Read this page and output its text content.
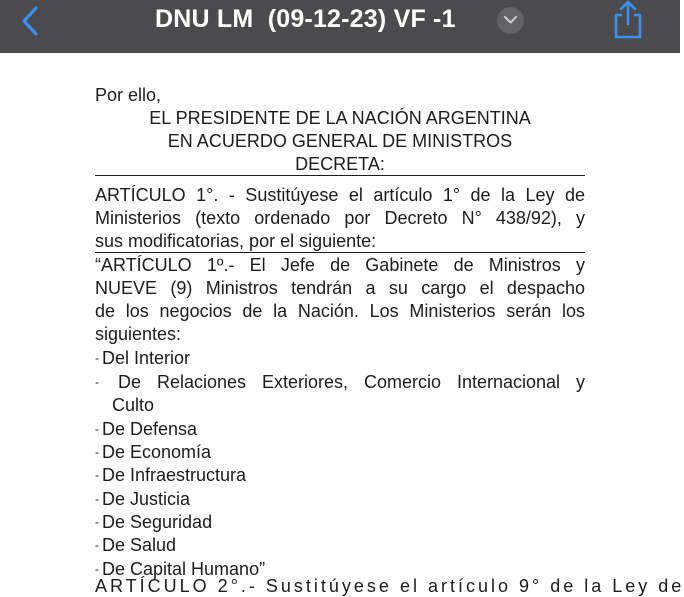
DNU LM  (09-12-23) VF -1
Por ello,
EL PRESIDENTE DE LA NACIÓN ARGENTINA
EN ACUERDO GENERAL DE MINISTROS
DECRETA:
ARTÍCULO 1°. - Sustitúyese el artículo 1° de la Ley de
Ministerios (texto ordenado por Decreto N° 438/92), y
sus modificatorias, por el siguiente:
“ARTÍCULO 1º.- El Jefe de Gabinete de Ministros y
NUEVE (9) Ministros tendrán a su cargo el despacho
de los negocios de la Nación. Los Ministerios serán los
siguientes:
- Del Interior
- De Relaciones Exteriores, Comercio Internacional y
Culto
- De Defensa
- De Economía
- De Infraestructura
- De Justicia
- De Seguridad
- De Salud
- De Capital Humano”
ARTÍCULO 2°.- Sustitúyese el artículo 9° de la Ley de
